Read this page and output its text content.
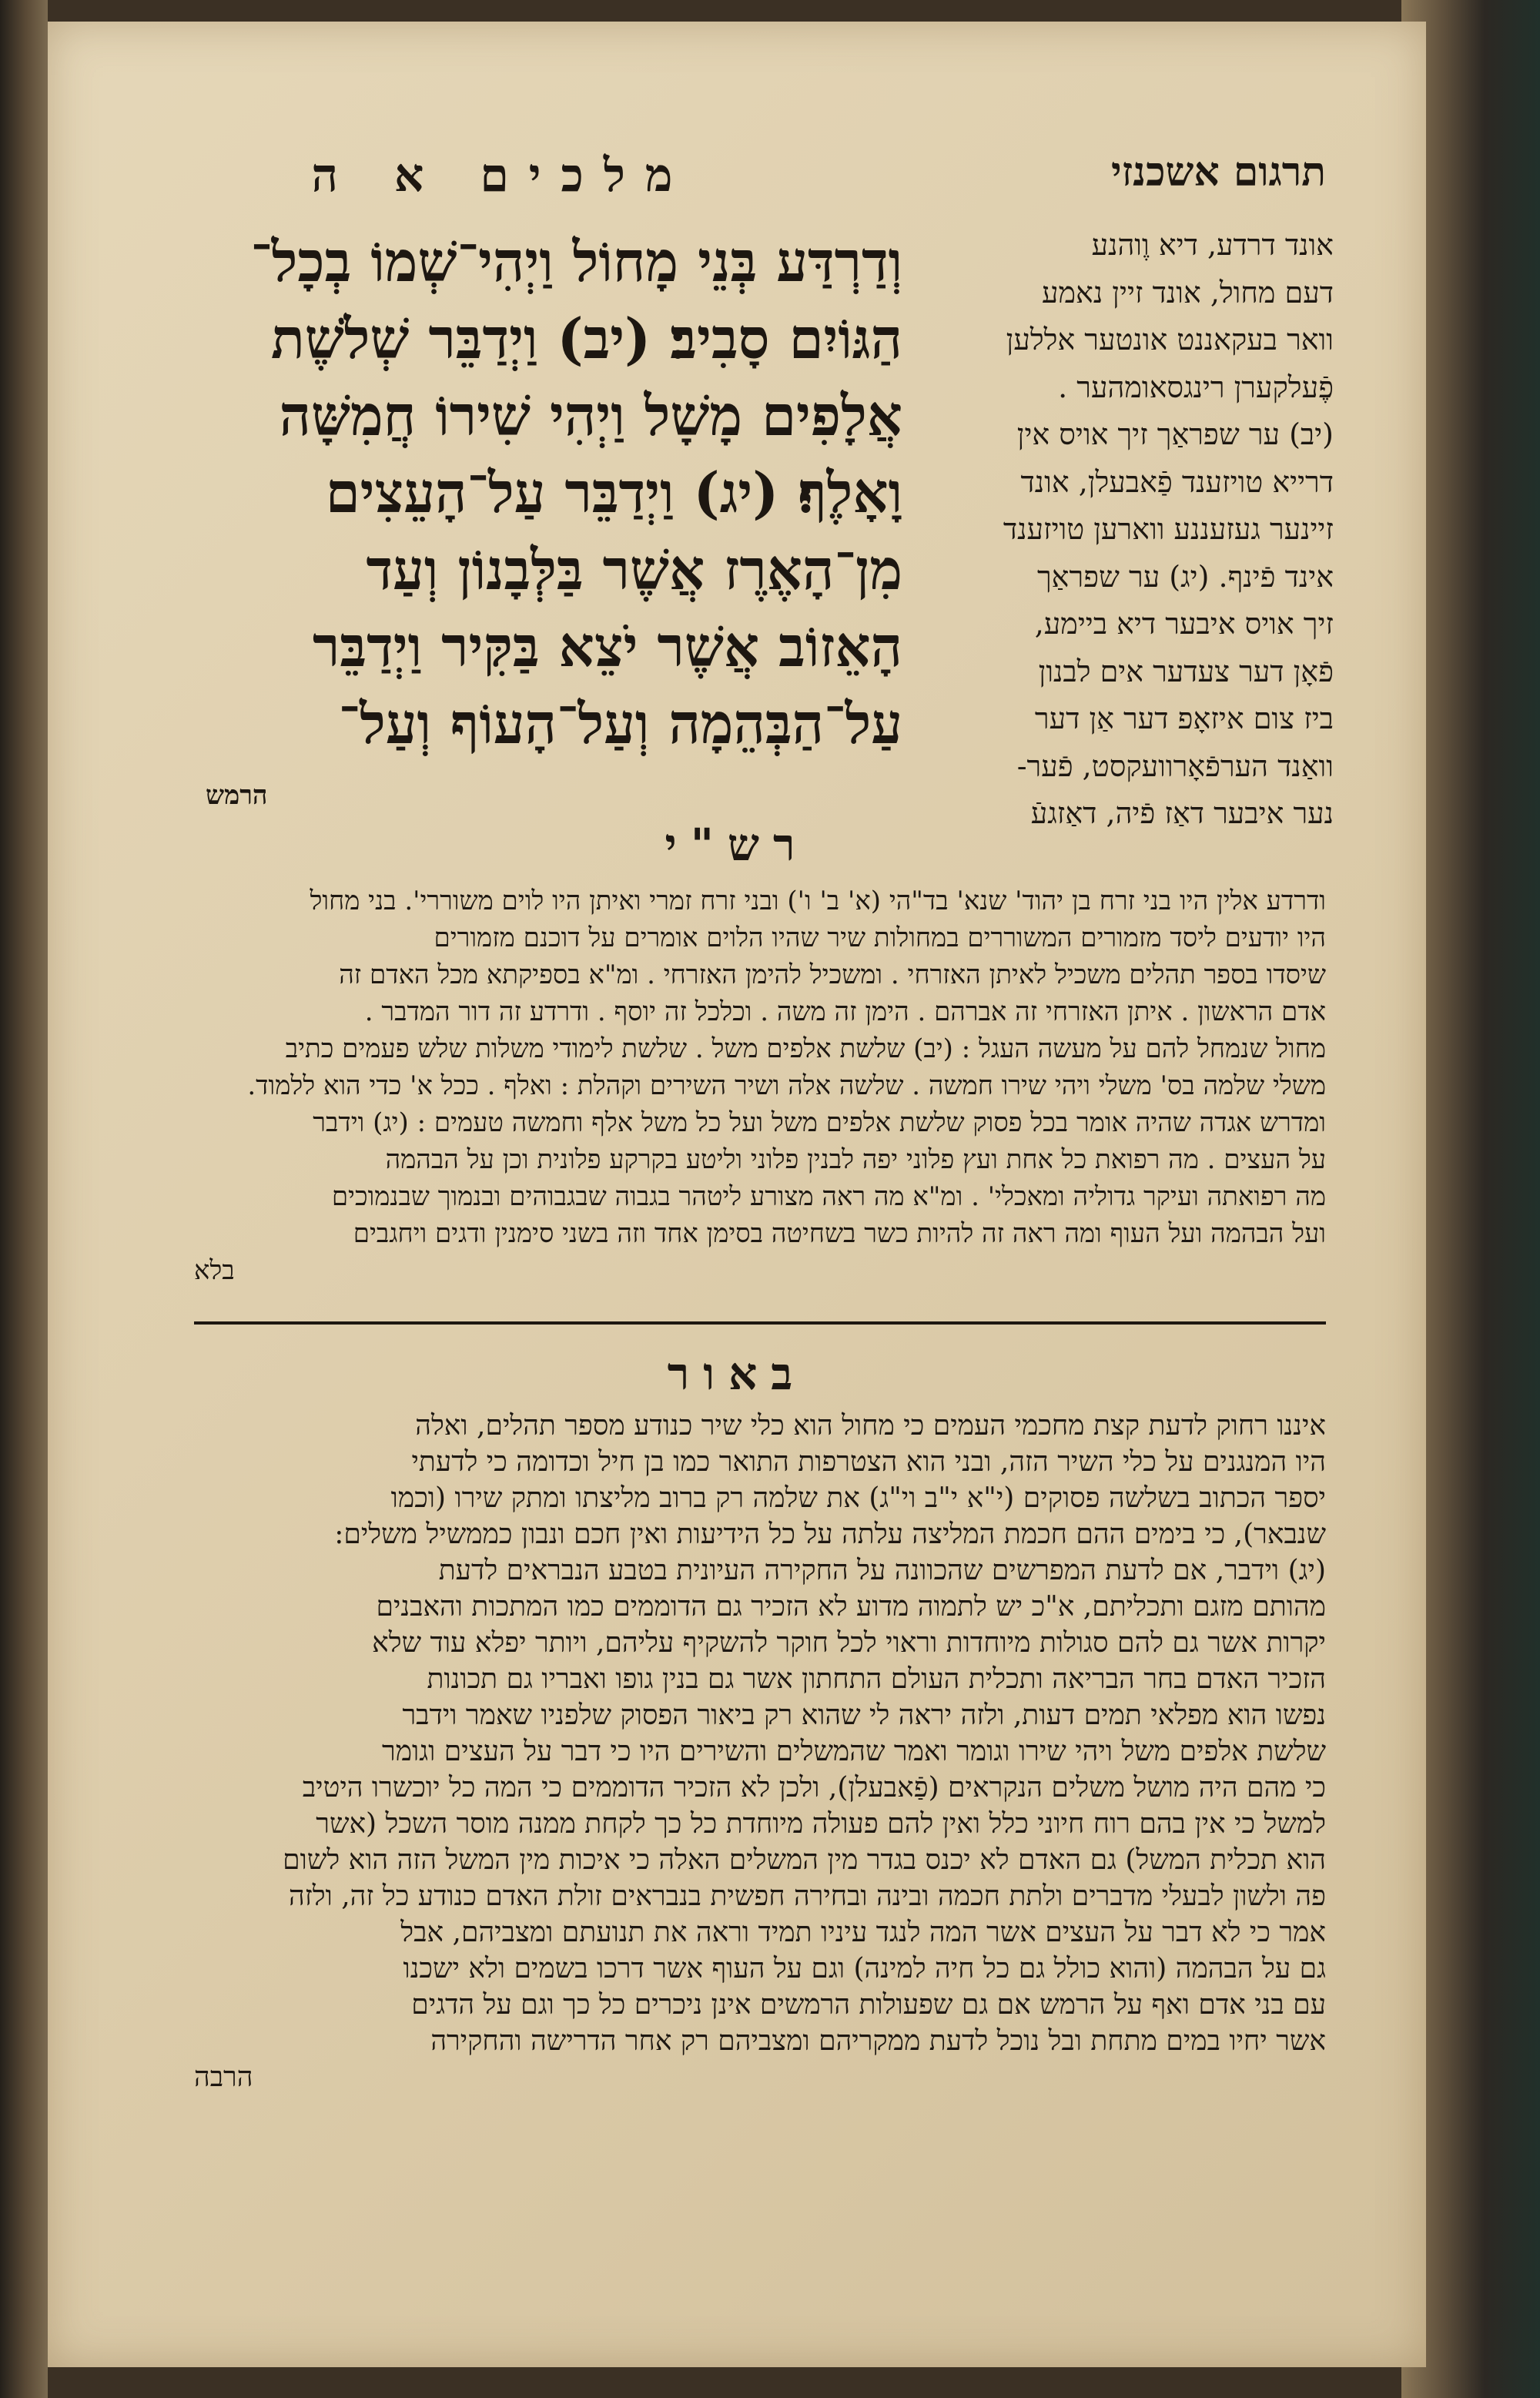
תרגום אשכנזי

מלכים א ה

אונד דרדע, דיא וֶוהנע
דעם מחול, אונד זיין נאמע
וואר בעקאננט אונטער אללען
פֶֿעלקערן רינגסאומהער .
(יב) ער שפראַך זיך אויס אין
דרייא טויזענד פַֿאבעלן, אונד
זיינער געזעננע ווארען טויזענד
אינד פֿינף. (יג) ער שפראַך
זיך אויס איבער דיא ביימע,
פֿאָן דער צעדער אים לבנון
ביז צום איזאָפ דער אַן דער
וואַנד הערפֿאָרוועקסט, פֿער-
נער איבער דאַז פֿיה, דאַזגעֿ
וְדַרְדַּע בְּנֵי מָחוֹל וַיְהִי־שְׁמוֹ בְכָל־
הַגּוֹיִם סָבִיב׃ (יב) וַיְדַבֵּר שְׁלֹשֶׁת
אֲלָפִים מָשָׁל וַיְהִי שִׁירוֹ חֲמִשָּׁה
וָאָלֶף׃ (יג) וַיְדַבֵּר עַל־הָעֵצִים
מִן־הָאֶרֶז אֲשֶׁר בַּלְּבָנוֹן וְעַד
הָאֵזוֹב אֲשֶׁר יֹצֵא בַּקִּיר וַיְדַבֵּר
עַל־הַבְּהֵמָה וְעַל־הָעוֹף וְעַל־

הרמש

רש"י

ודרדע אלין היו בני זרח בן יהוד' שנא' בד"הי (א' ב' ו') ובני זרח זמרי ואיתן היו לוים משוררי'. בני מחול
היו יודעים ליסד מזמורים המשוררים במחולות שיר שהיו הלוים אומרים על דוכנם מזמורים
שיסדו בספר תהלים משכיל לאיתן האזרחי . ומשכיל להימן האזרחי . ומ"א בספיקתא מכל האדם זה
אדם הראשון . איתן האזרחי זה אברהם . הימן זה משה . וכלכל זה יוסף . ודרדע זה דור המדבר .
מחול שנמחל להם על מעשה העגל : (יב) שלשת אלפים משל . שלשת לימודי משלות שלש פעמים כתיב
משלי שלמה בס' משלי ויהי שירו חמשה . שלשה אלה ושיר השירים וקהלת : ואלף . ככל א' כדי הוא ללמוד.
ומדרש אגדה שהיה אומר בכל פסוק שלשת אלפים משל ועל כל משל אלף וחמשה טעמים : (יג) וידבר
על העצים . מה רפואת כל אחת ועץ פלוני יפה לבנין פלוני וליטע בקרקע פלונית וכן על הבהמה
מה רפואתה ועיקר גדוליה ומאכלי' . ומ"א מה ראה מצורע ליטהר בגבוה שבגבוהים ובנמוך שבנמוכים
ועל הבהמה ועל העוף ומה ראה זה להיות כשר בשחיטה בסימן אחד וזה בשני סימנין ודגים ויחגבים
בלא

באור

איננו רחוק לדעת קצת מחכמי העמים כי מחול הוא כלי שיר כנודע מספר תהלים, ואלה
היו המנגנים על כלי השיר הזה, ובני הוא הצטרפות התואר כמו בן חיל וכדומה כי לדעתי
יספר הכתוב בשלשה פסוקים (י"א י"ב וי"ג) את שלמה רק ברוב מליצתו ומתק שירו (וכמו
שנבאר), כי בימים ההם חכמת המליצה עלתה על כל הידיעות ואין חכם ונבון כממשיל משלים:
(יג) וידבר, אם לדעת המפרשים שהכוונה על החקירה העיונית בטבע הנבראים לדעת
מהותם מזגם ותכליתם, א"כ יש לתמוה מדוע לא הזכיר גם הדוממים כמו המתכות והאבנים
יקרות אשר גם להם סגולות מיוחדות וראוי לכל חוקר להשקיף עליהם, ויותר יפלא עוד שלא
הזכיר האדם בחר הבריאה ותכלית העולם התחתון אשר גם בנין גופו ואבריו גם תכונות
נפשו הוא מפלאי תמים דעות, ולזה יראה לי שהוא רק ביאור הפסוק שלפניו שאמר וידבר
שלשת אלפים משל ויהי שירו וגומר ואמר שהמשלים והשירים היו כי דבר על העצים וגומר
כי מהם היה מושל משלים הנקראים (פַֿאבעלן), ולכן לא הזכיר הדוממים כי המה כל יוכשרו היטיב
למשל כי אין בהם רוח חיוני כלל ואין להם פעולה מיוחדת כל כך לקחת ממנה מוסר השכל (אשר
הוא תכלית המשל) גם האדם לא יכנס בגדר מין המשלים האלה כי איכות מין המשל הזה הוא לשום
פה ולשון לבעלי מדברים ולתת חכמה ובינה ובחירה חפשית בנבראים זולת האדם כנודע כל זה, ולזה
אמר כי לא דבר על העצים אשר המה לנגד עיניו תמיד וראה את תנועתם ומצביהם, אבל
גם על הבהמה (והוא כולל גם כל חיה למינה) וגם על העוף אשר דרכו בשמים ולא ישכנו
עם בני אדם ואף על הרמש אם גם שפעולות הרמשים אינן ניכרים כל כך וגם על הדגים
אשר יחיו במים מתחת ובל נוכל לדעת ממקריהם ומצביהם רק אחר הדרישה והחקירה
הרבה
